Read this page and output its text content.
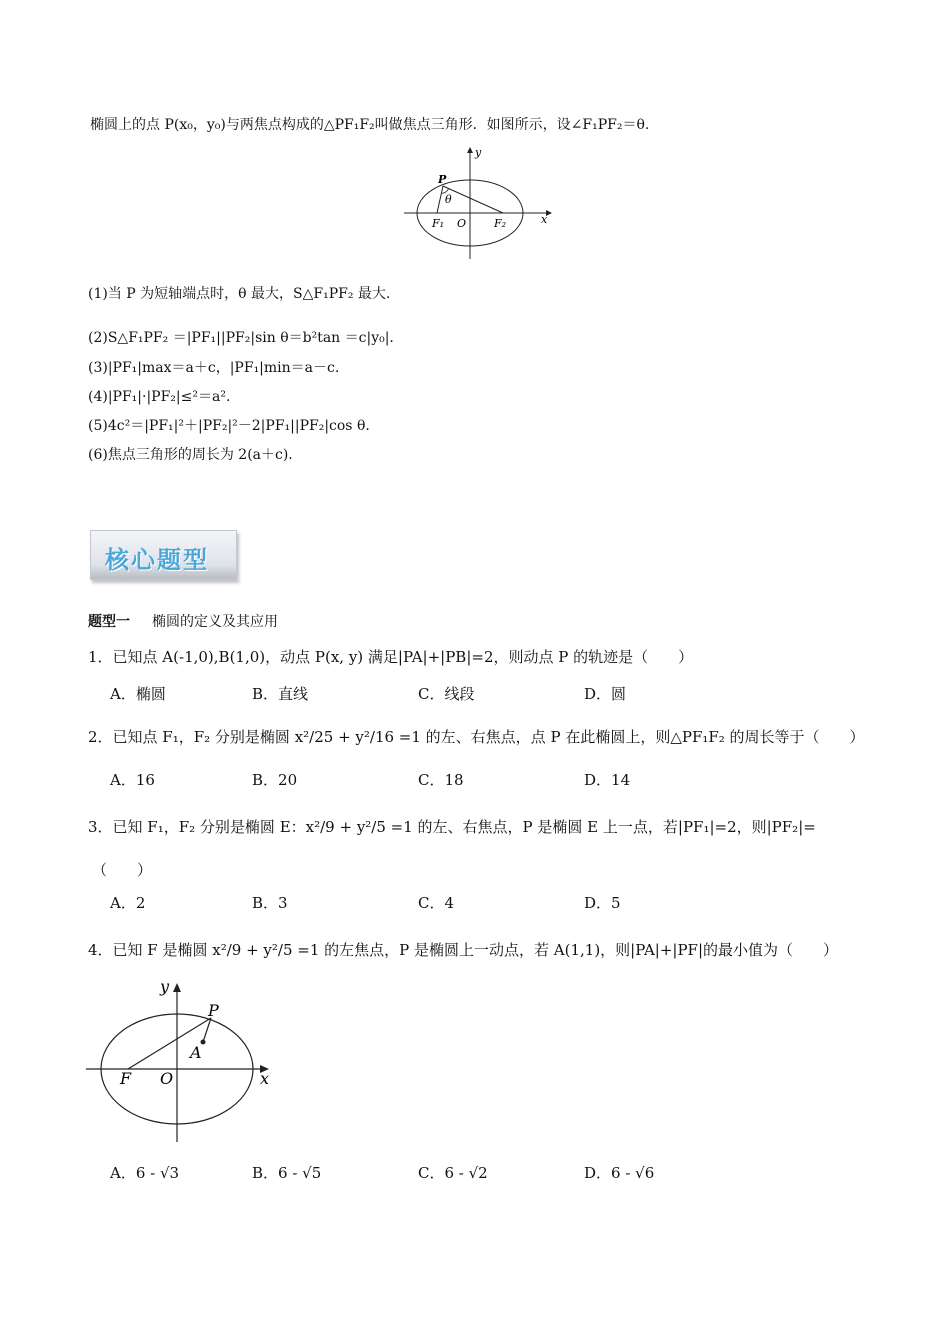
椭圆上的点 P(x₀，y₀)与两焦点构成的△PF₁F₂叫做焦点三角形．如图所示，设∠F₁PF₂＝θ.
y
P
θ
F₁ O	F₂	x
(1)当 P 为短轴端点时，θ 最大，S△F₁PF₂ 最大.
(2)S△F₁PF₂ ＝|PF₁||PF₂|sin θ＝b²tan ＝c|y₀|.
(3)|PF₁|max＝a＋c，|PF₁|min＝a－c.
(4)|PF₁|·|PF₂|≤²＝a².
(5)4c²＝|PF₁|²＋|PF₂|²－2|PF₁||PF₂|cos θ.
(6)焦点三角形的周长为 2(a＋c).
核心题型
题型一 椭圆的定义及其应用
1．已知点 A(-1,0),B(1,0)，动点 P(x, y) 满足|PA|+|PB|=2，则动点 P 的轨迹是（　　）
A．椭圆	B．直线	C．线段	D．圆
2．已知点 F₁，F₂ 分别是椭圆 x²/25 + y²/16 =1 的左、右焦点，点 P 在此椭圆上，则△PF₁F₂ 的周长等于（　　）
A．16	B．20	C．18	D．14
3．已知 F₁，F₂ 分别是椭圆 E：x²/9 + y²/5 =1 的左、右焦点，P 是椭圆 E 上一点，若|PF₁|=2，则|PF₂|=
（　　）
A．2	B．3	C．4	D．5
4．已知 F 是椭圆 x²/9 + y²/5 =1 的左焦点，P 是椭圆上一动点，若 A(1,1)，则|PA|+|PF|的最小值为（　　）
y
P
A
F O	x
A．6 - √3	B．6 - √5	C．6 - √2	D．6 - √6
